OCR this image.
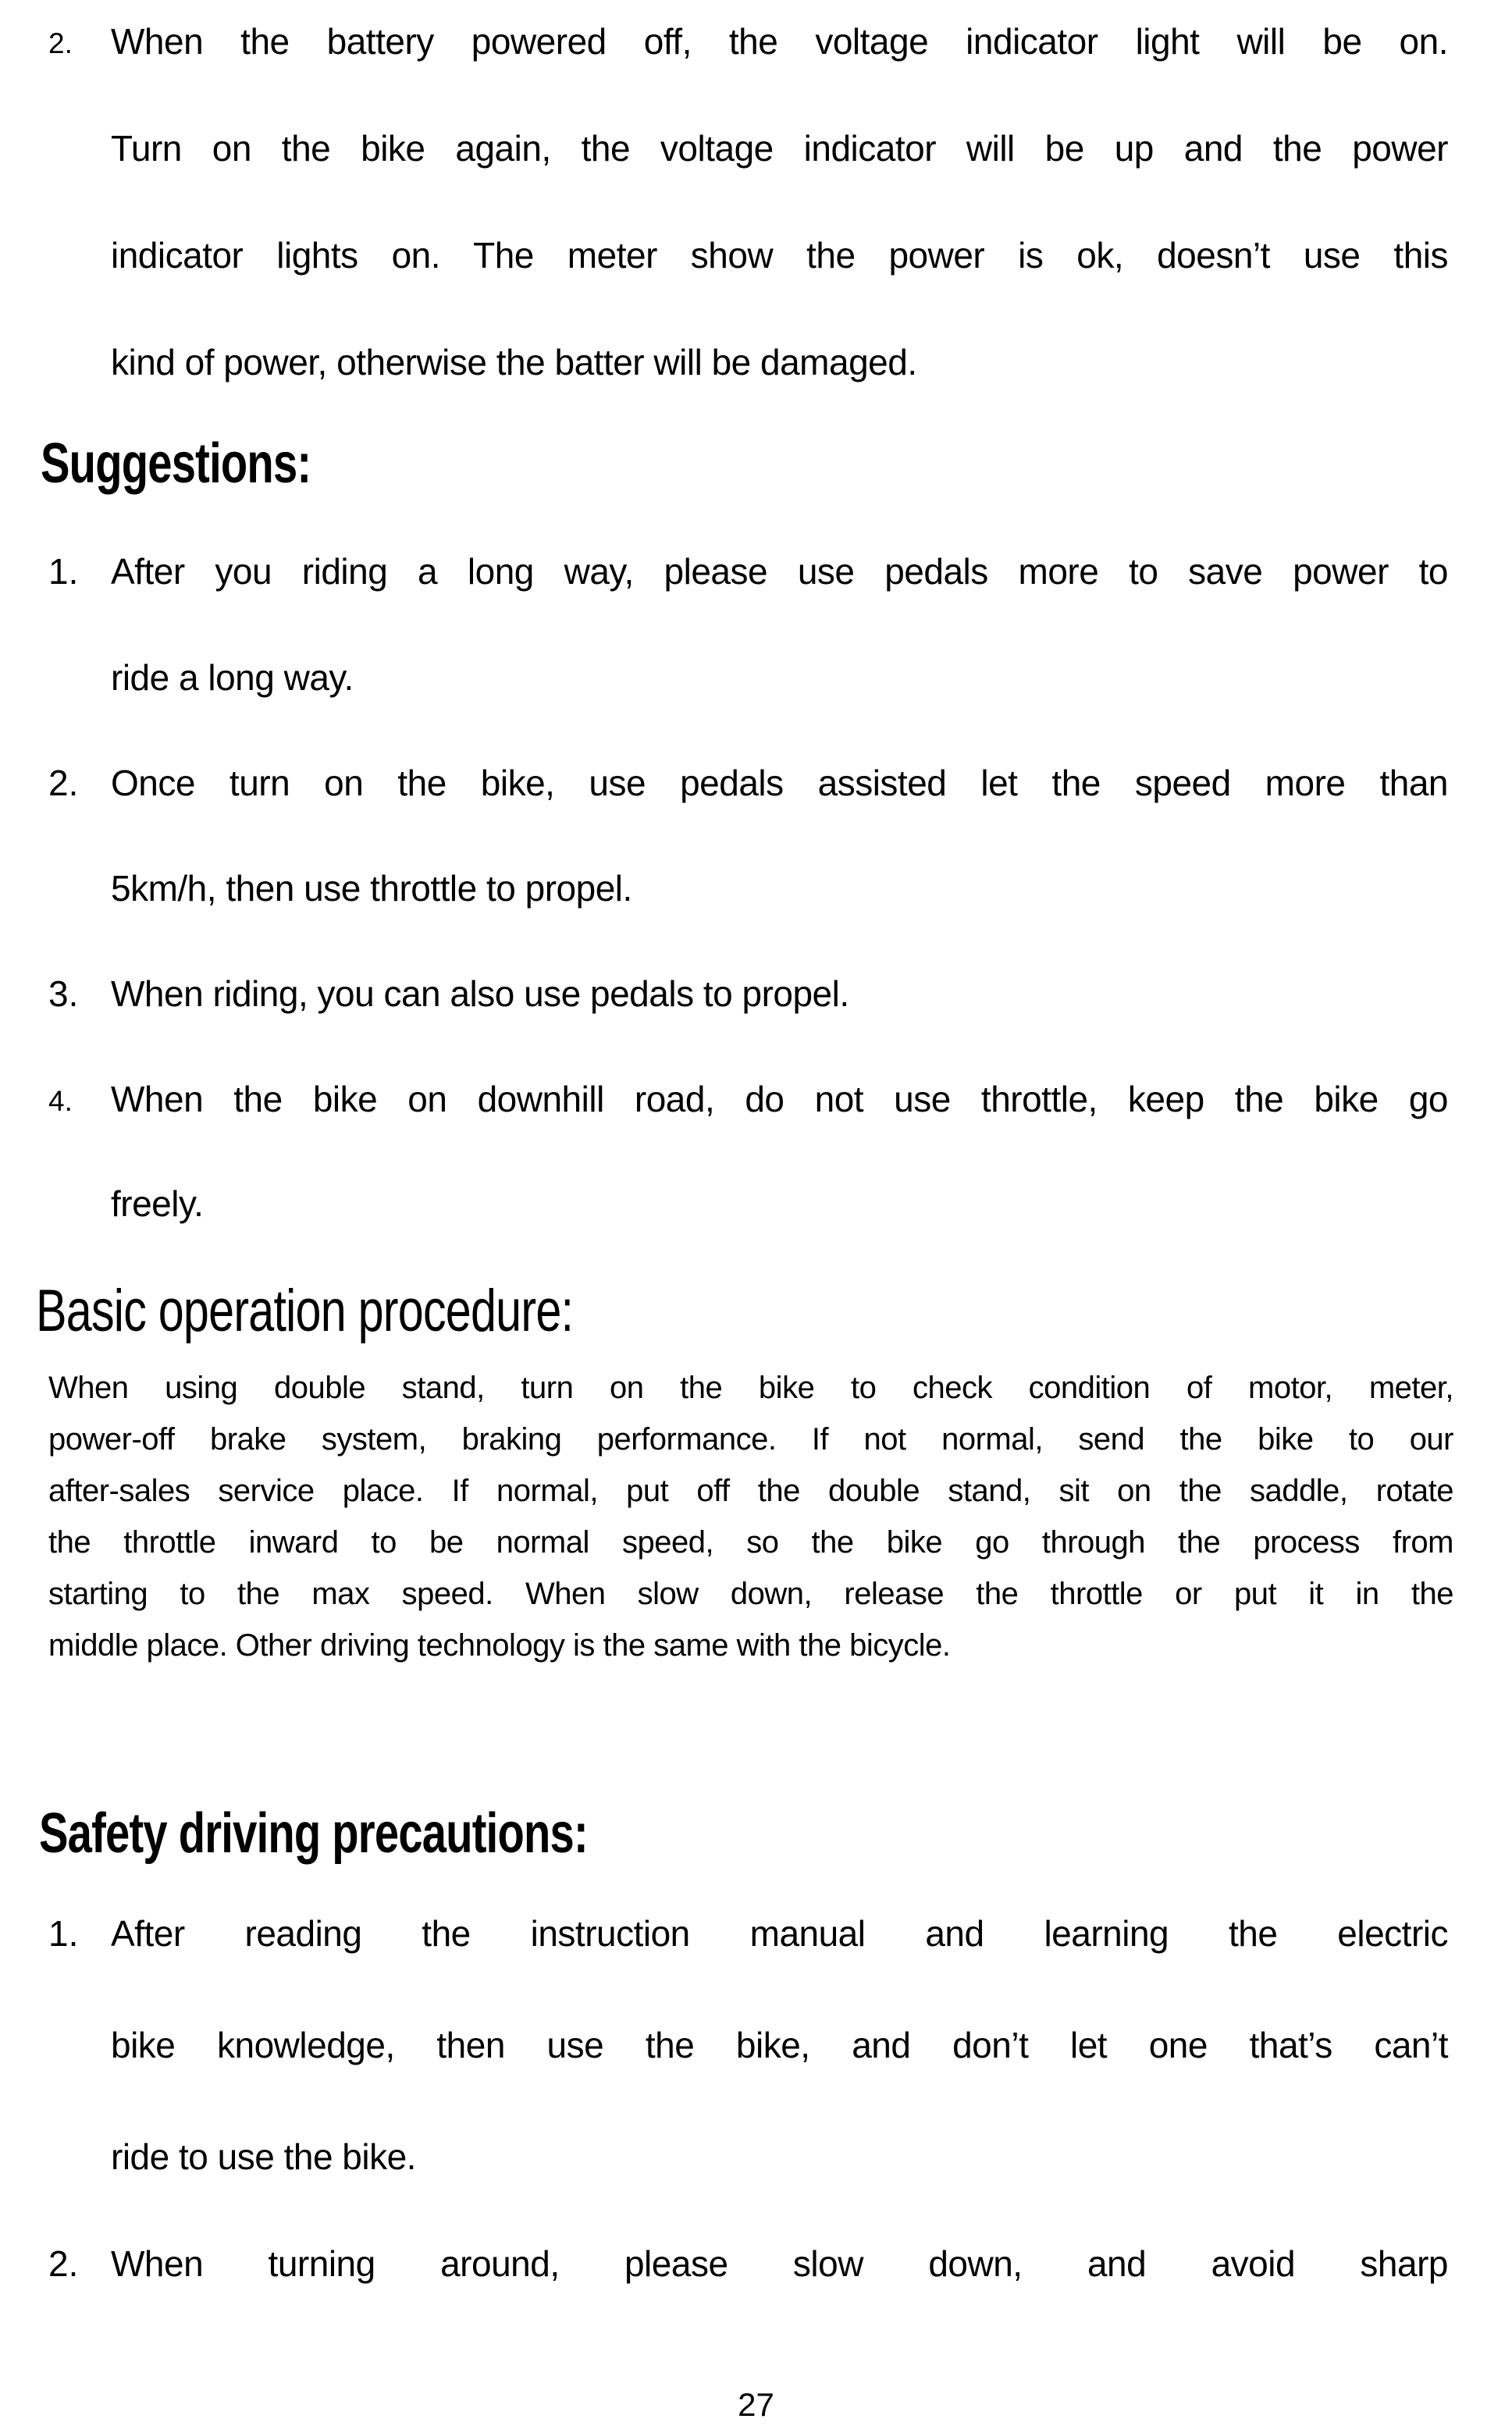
2.	When the battery powered off, the voltage indicator light will be on.
Turn on the bike again, the voltage indicator will be up and the power
indicator lights on. The meter show the power is ok, doesn’t use this
kind of power, otherwise the batter will be damaged.
Suggestions:
1. After you riding a long way, please use pedals more to save power to
ride a long way.
2. Once turn on the bike, use pedals assisted let the speed more than
5km/h, then use throttle to propel.
3. When riding, you can also use pedals to propel.
4.	When the bike on downhill road, do not use throttle, keep the bike go
freely.
Basic operation procedure:
When using double stand, turn on the bike to check condition of motor, meter,
power-off brake system, braking performance. If not normal, send the bike to our
after-sales service place. If normal, put off the double stand, sit on the saddle, rotate
the throttle inward to be normal speed, so the bike go through the process from
starting to the max speed. When slow down, release the throttle or put it in the
middle place. Other driving technology is the same with the bicycle.
Safety driving precautions:
1. After reading the instruction manual and learning the electric
bike knowledge, then use the bike, and don’t let one that’s can’t
ride to use the bike.
2. When turning around, please slow down, and avoid sharp
27
